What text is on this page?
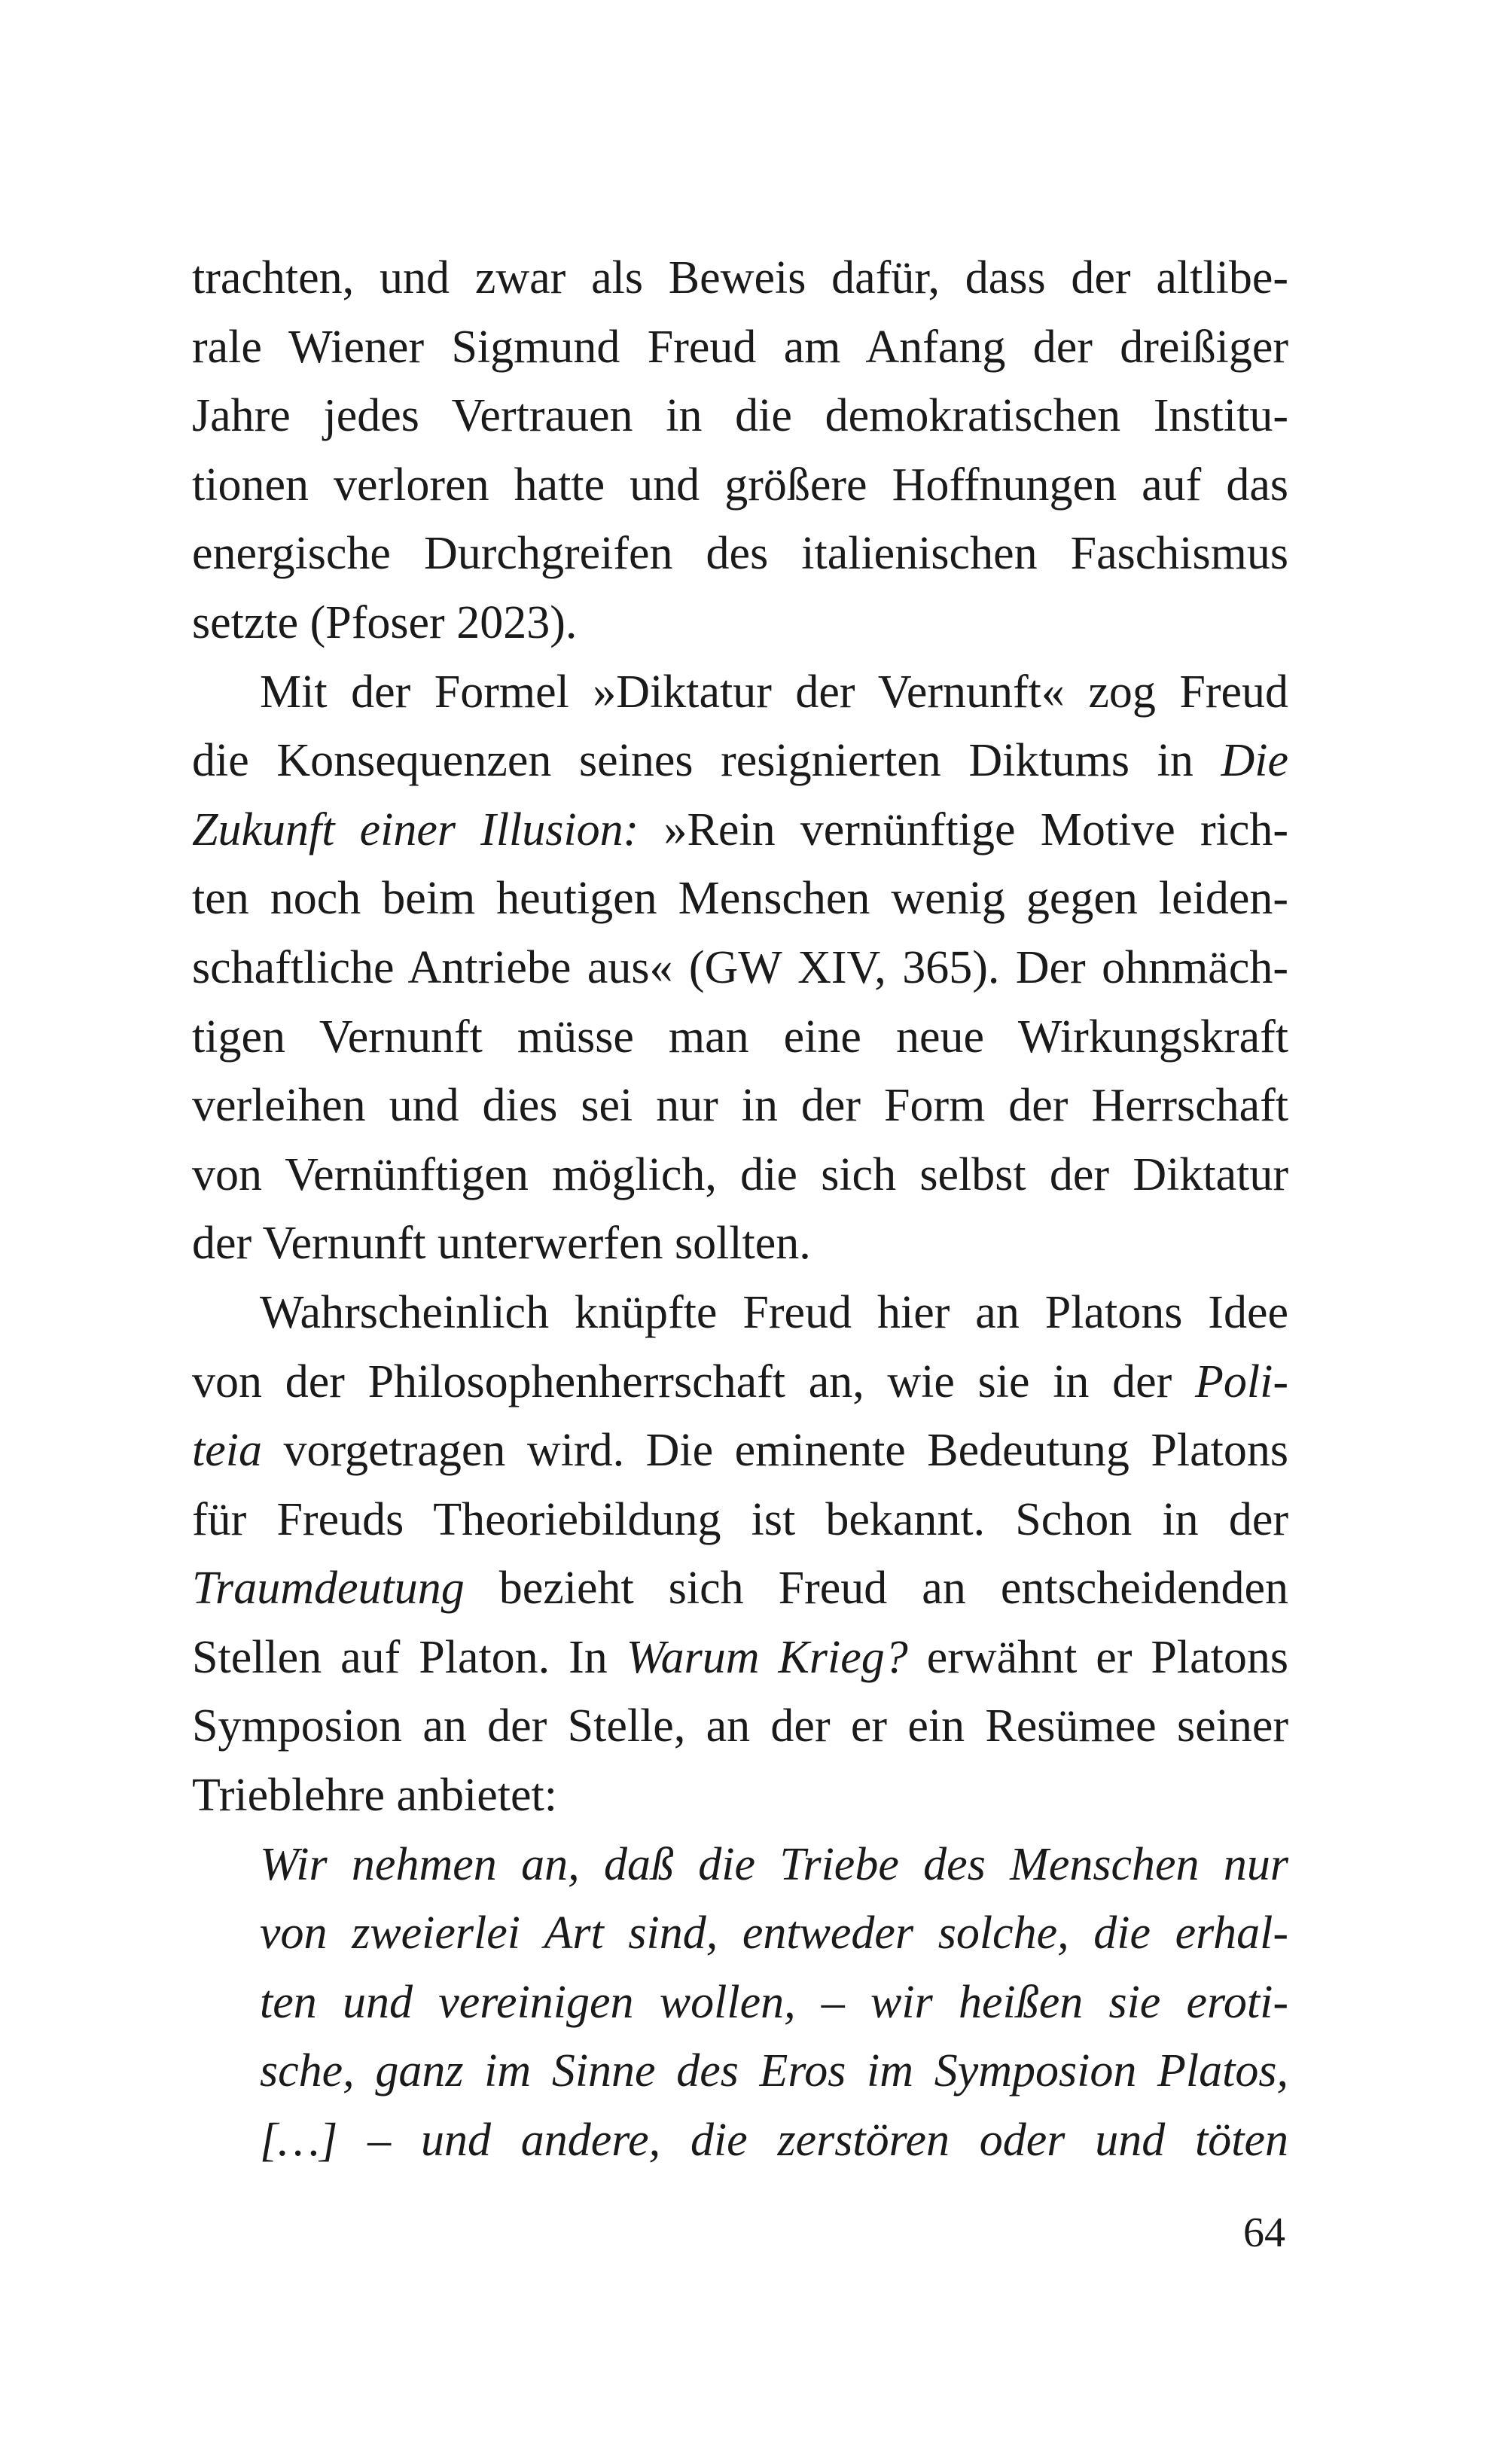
trachten, und zwar als Beweis dafür, dass der altlibe-
rale Wiener Sigmund Freud am Anfang der dreißiger
Jahre jedes Vertrauen in die demokratischen Institu-
tionen verloren hatte und größere Hoffnungen auf das
energische Durchgreifen des italienischen Faschismus
setzte (Pfoser 2023).

Mit der Formel »Diktatur der Vernunft« zog Freud
die Konsequenzen seines resignierten Diktums in Die
Zukunft einer Illusion: »Rein vernünftige Motive rich-
ten noch beim heutigen Menschen wenig gegen leiden-
schaftliche Antriebe aus« (GW XIV, 365). Der ohnmäch-
tigen Vernunft müsse man eine neue Wirkungskraft
verleihen und dies sei nur in der Form der Herrschaft
von Vernünftigen möglich, die sich selbst der Diktatur
der Vernunft unterwerfen sollten.

Wahrscheinlich knüpfte Freud hier an Platons Idee
von der Philosophenherrschaft an, wie sie in der Poli-
teia vorgetragen wird. Die eminente Bedeutung Platons
für Freuds Theoriebildung ist bekannt. Schon in der
Traumdeutung bezieht sich Freud an entscheidenden
Stellen auf Platon. In Warum Krieg? erwähnt er Platons
Symposion an der Stelle, an der er ein Resümee seiner
Trieblehre anbietet:

Wir nehmen an, daß die Triebe des Menschen nur
von zweierlei Art sind, entweder solche, die erhal-
ten und vereinigen wollen, – wir heißen sie eroti-
sche, ganz im Sinne des Eros im Symposion Platos,
[…] – und andere, die zerstören oder und töten
64
